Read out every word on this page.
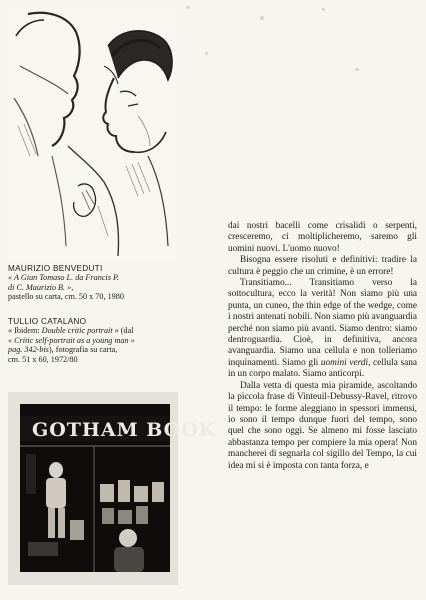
MAURIZIO BENVEDUTI
« A Gian Tomaso L. da Francis P.
di C. Maurizio B. »,
pastello su carta, cm. 50 x 70, 1980
TULLIO CATALANO
« Ibidem: Double critic portrait » (dal
« Critic self-portrait as a young man »
pag. 342-bis), fotografia su carta,
cm. 51 x 60, 1972/80
GOTHAM BOOK

dai nostri bacelli come crisalidi o serpenti, cresceremo, ci moltiplicheremo, saremo gli uomini nuovi. L'uomo nuovo!

Bisogna essere risoluti e definitivi: tradire la cultura è peggio che un crimine, è un errore!

Transitiamo... Transitiamo verso la sottocultura, ecco la verità! Non siamo più una punta, un cuneo, the thin edge of the wedge, come i nostri antenati nobili. Non siamo più avanguardia perché non siamo più avanti. Siamo dentro: siamo dentroguardia. Cioè, in definitiva, ancora avanguardia. Siamo una cellula e non tolleriamo inquinamenti. Siamo gli uomini verdi, cellula sana in un corpo malato. Siamo anticorpi.

Dalla vetta di questa mia piramide, ascoltando la piccola frase di Vinteuil-Debussy-Ravel, ritrovo il tempo: le forme aleggiano in spessori immensi, io sono il tempo dunque fuori del tempo, sono quel che sono oggi. Se almeno mi fosse lasciato abbastanza tempo per compiere la mia opera! Non mancherei di segnarla col sigillo del Tempo, la cui idea mi si è imposta con tanta forza, e
